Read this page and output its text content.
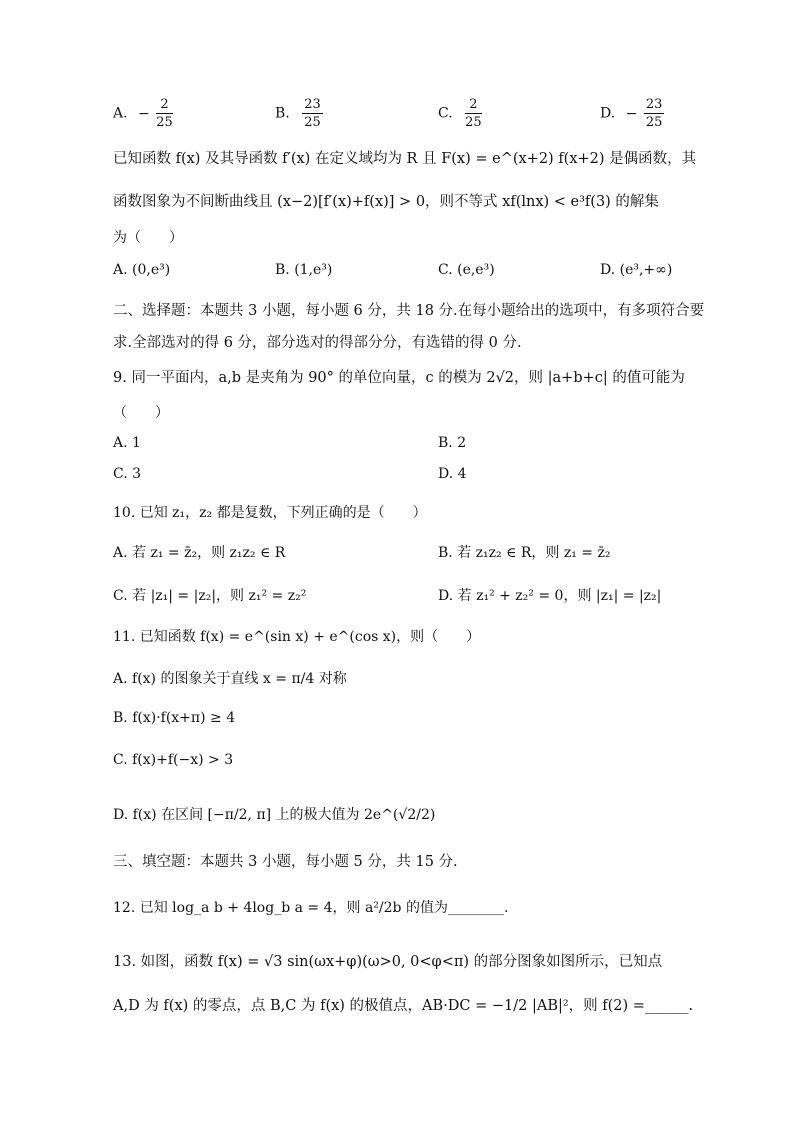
A. − $\frac{2}{25}$	B. $\frac{23}{25}$	C. $\frac{2}{25}$	D. − $\frac{23}{25}$
已知函数 f(x) 及其导函数 f′(x) 在定义域均为 R 且 F(x) = e^(x+2) f(x+2) 是偶函数，其
函数图象为不间断曲线且 (x−2)[f′(x)+f(x)] > 0，则不等式 xf(lnx) < e³f(3) 的解集
为（　　）
A. (0,e³)	B. (1,e³)	C. (e,e³)	D. (e³,+∞)
二、选择题：本题共 3 小题，每小题 6 分，共 18 分.在每小题给出的选项中，有多项符合要
求.全部选对的得 6 分，部分选对的得部分分，有选错的得 0 分.
9. 同一平面内，a,b 是夹角为 90° 的单位向量，c 的模为 2√2，则 |a+b+c| 的值可能为
（　　）
A. 1	B. 2
C. 3	D. 4
10. 已知 z₁，z₂ 都是复数，下列正确的是（　　）
A. 若 z₁ = z̄₂，则 z₁z₂ ∈ R	B. 若 z₁z₂ ∈ R，则 z₁ = z̄₂
C. 若 |z₁| = |z₂|，则 z₁² = z₂²	D. 若 z₁² + z₂² = 0，则 |z₁| = |z₂|
11. 已知函数 f(x) = e^(sin x) + e^(cos x)，则（　　）
A. f(x) 的图象关于直线 x = π/4 对称
B. f(x)·f(x+π) ≥ 4
C. f(x)+f(−x) > 3
D. f(x) 在区间 [−π/2, π] 上的极大值为 2e^(√2/2)
三、填空题：本题共 3 小题，每小题 5 分，共 15 分.
12. 已知 log_a b + 4log_b a = 4，则 a²/2b 的值为________.
13. 如图，函数 f(x) = √3 sin(ωx+φ)(ω>0, 0<φ<π) 的部分图象如图所示，已知点
A,D 为 f(x) 的零点，点 B,C 为 f(x) 的极值点，AB·DC = −1/2 |AB|²，则 f(2) =______.
